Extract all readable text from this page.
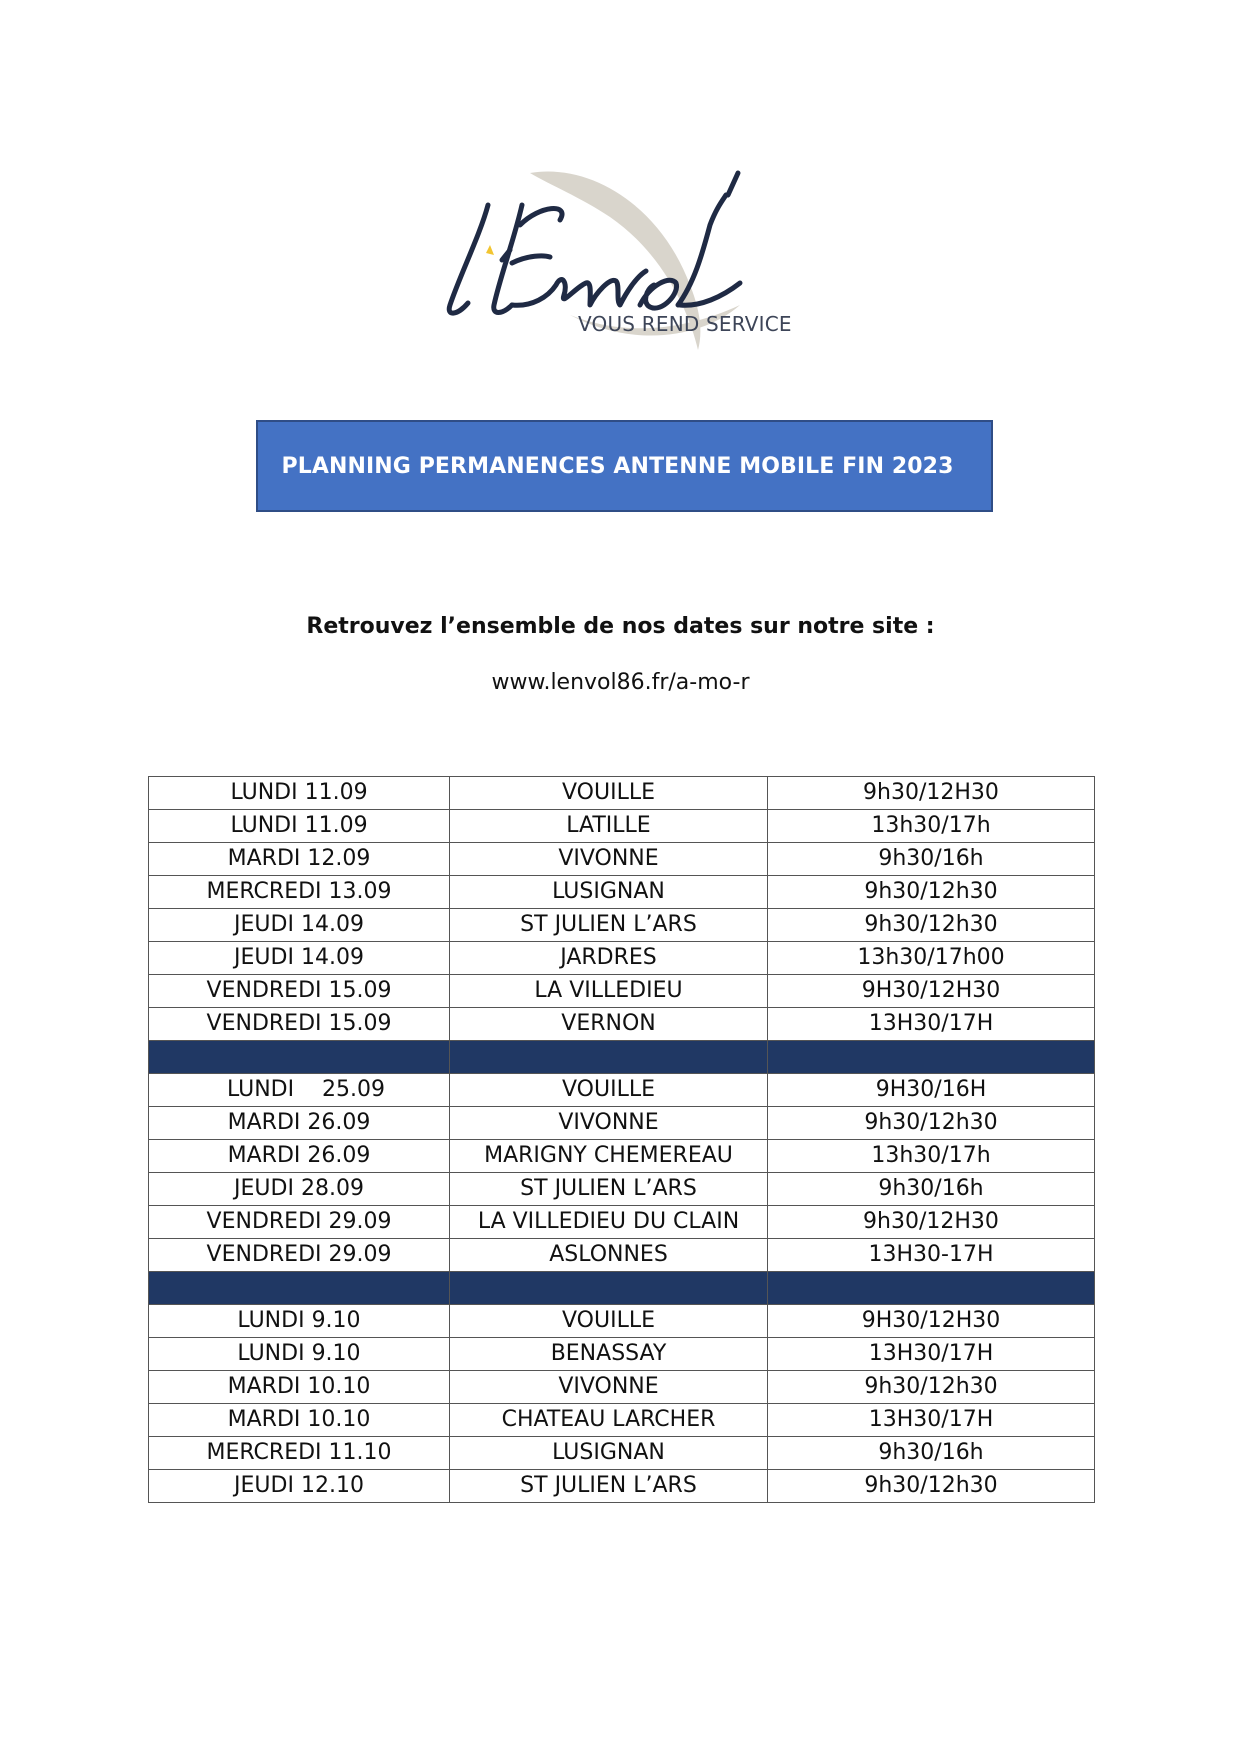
VOUS REND SERVICE
PLANNING PERMANENCES ANTENNE MOBILE FIN 2023
Retrouvez l’ensemble de nos dates sur notre site :
www.lenvol86.fr/a-mo-r
LUNDI 11.09	VOUILLE	9h30/12H30
LUNDI 11.09	LATILLE	13h30/17h
MARDI 12.09	VIVONNE	9h30/16h
MERCREDI 13.09	LUSIGNAN	9h30/12h30
JEUDI 14.09	ST JULIEN L’ARS	9h30/12h30
JEUDI 14.09	JARDRES	13h30/17h00
VENDREDI 15.09	LA VILLEDIEU	9H30/12H30
VENDREDI 15.09	VERNON	13H30/17H

LUNDI    25.09	VOUILLE	9H30/16H
MARDI 26.09	VIVONNE	9h30/12h30
MARDI 26.09	MARIGNY CHEMEREAU	13h30/17h
JEUDI 28.09	ST JULIEN L’ARS	9h30/16h
VENDREDI 29.09	LA VILLEDIEU DU CLAIN	9h30/12H30
VENDREDI 29.09	ASLONNES	13H30-17H

LUNDI 9.10	VOUILLE	9H30/12H30
LUNDI 9.10	BENASSAY	13H30/17H
MARDI 10.10	VIVONNE	9h30/12h30
MARDI 10.10	CHATEAU LARCHER	13H30/17H
MERCREDI 11.10	LUSIGNAN	9h30/16h
JEUDI 12.10	ST JULIEN L’ARS	9h30/12h30
